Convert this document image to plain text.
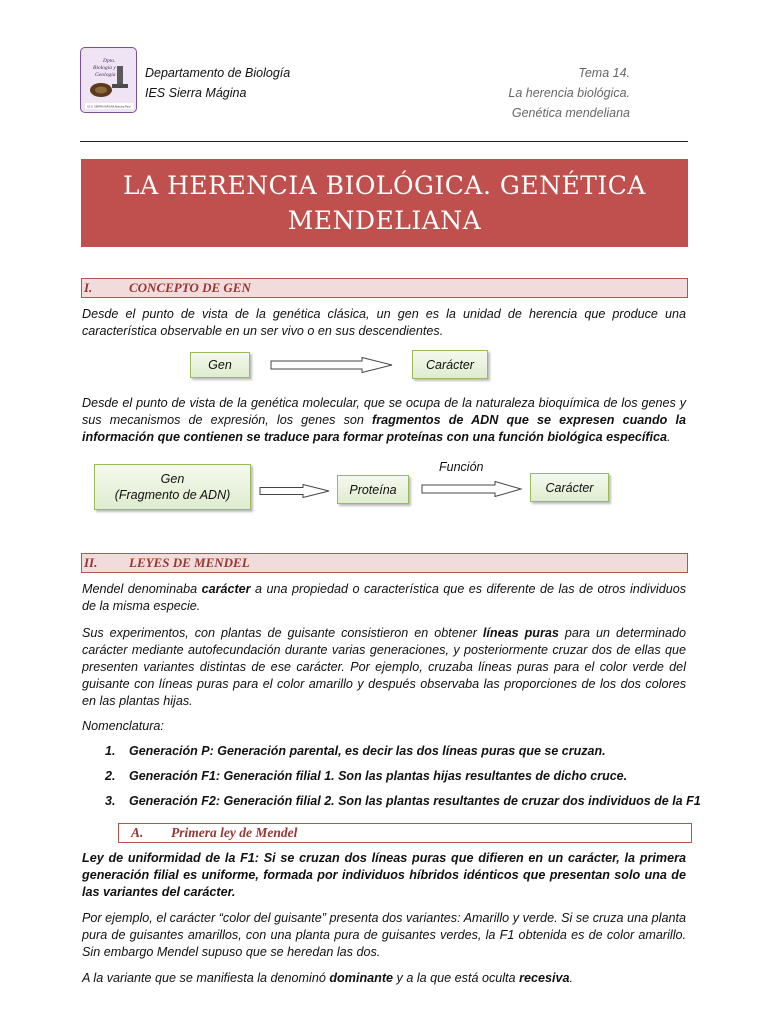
Dpto.
Biología y
Geología
I.E.S. SIERRA MÁGINA Mancha Real
Departamento de Biología
IES Sierra Mágina
Tema 14.
La herencia biológica.
Genética mendeliana
LA HERENCIA BIOLÓGICA. GENÉTICA
MENDELIANA
I.	CONCEPTO DE GEN
Desde el punto de vista de la genética clásica, un gen es la unidad de herencia que produce una característica observable en un ser vivo o en sus descendientes.
Gen	Carácter
Desde el punto de vista de la genética molecular, que se ocupa de la naturaleza bioquímica de los genes y sus mecanismos de expresión, los genes son fragmentos de ADN que se expresen cuando la información que contienen se traduce para formar proteínas con una función biológica específica.
Gen
(Fragmento de ADN)	Proteína
Función
Carácter
II. LEYES DE MENDEL
Mendel denominaba carácter a una propiedad o característica que es diferente de las de otros individuos de la misma especie.
Sus experimentos, con plantas de guisante consistieron en obtener líneas puras para un determinado carácter mediante autofecundación durante varias generaciones, y posteriormente cruzar dos de ellas que presenten variantes distintas de ese carácter. Por ejemplo, cruzaba líneas puras para el color verde del guisante con líneas puras para el color amarillo y después observaba las proporciones de los dos colores en las plantas hijas.
Nomenclatura:
1. Generación P: Generación parental, es decir las dos líneas puras que se cruzan.
2. Generación F1: Generación filial 1. Son las plantas hijas resultantes de dicho cruce.
3. Generación F2: Generación filial 2. Son las plantas resultantes de cruzar dos individuos de la F1
A. Primera ley de Mendel
Ley de uniformidad de la F1: Si se cruzan dos líneas puras que difieren en un carácter, la primera generación filial es uniforme, formada por individuos híbridos idénticos que presentan solo una de las variantes del carácter.
Por ejemplo, el carácter “color del guisante” presenta dos variantes: Amarillo y verde. Si se cruza una planta pura de guisantes amarillos, con una planta pura de guisantes verdes, la F1 obtenida es de color amarillo. Sin embargo Mendel supuso que se heredan las dos.
A la variante que se manifiesta la denominó dominante y a la que está oculta recesiva.
